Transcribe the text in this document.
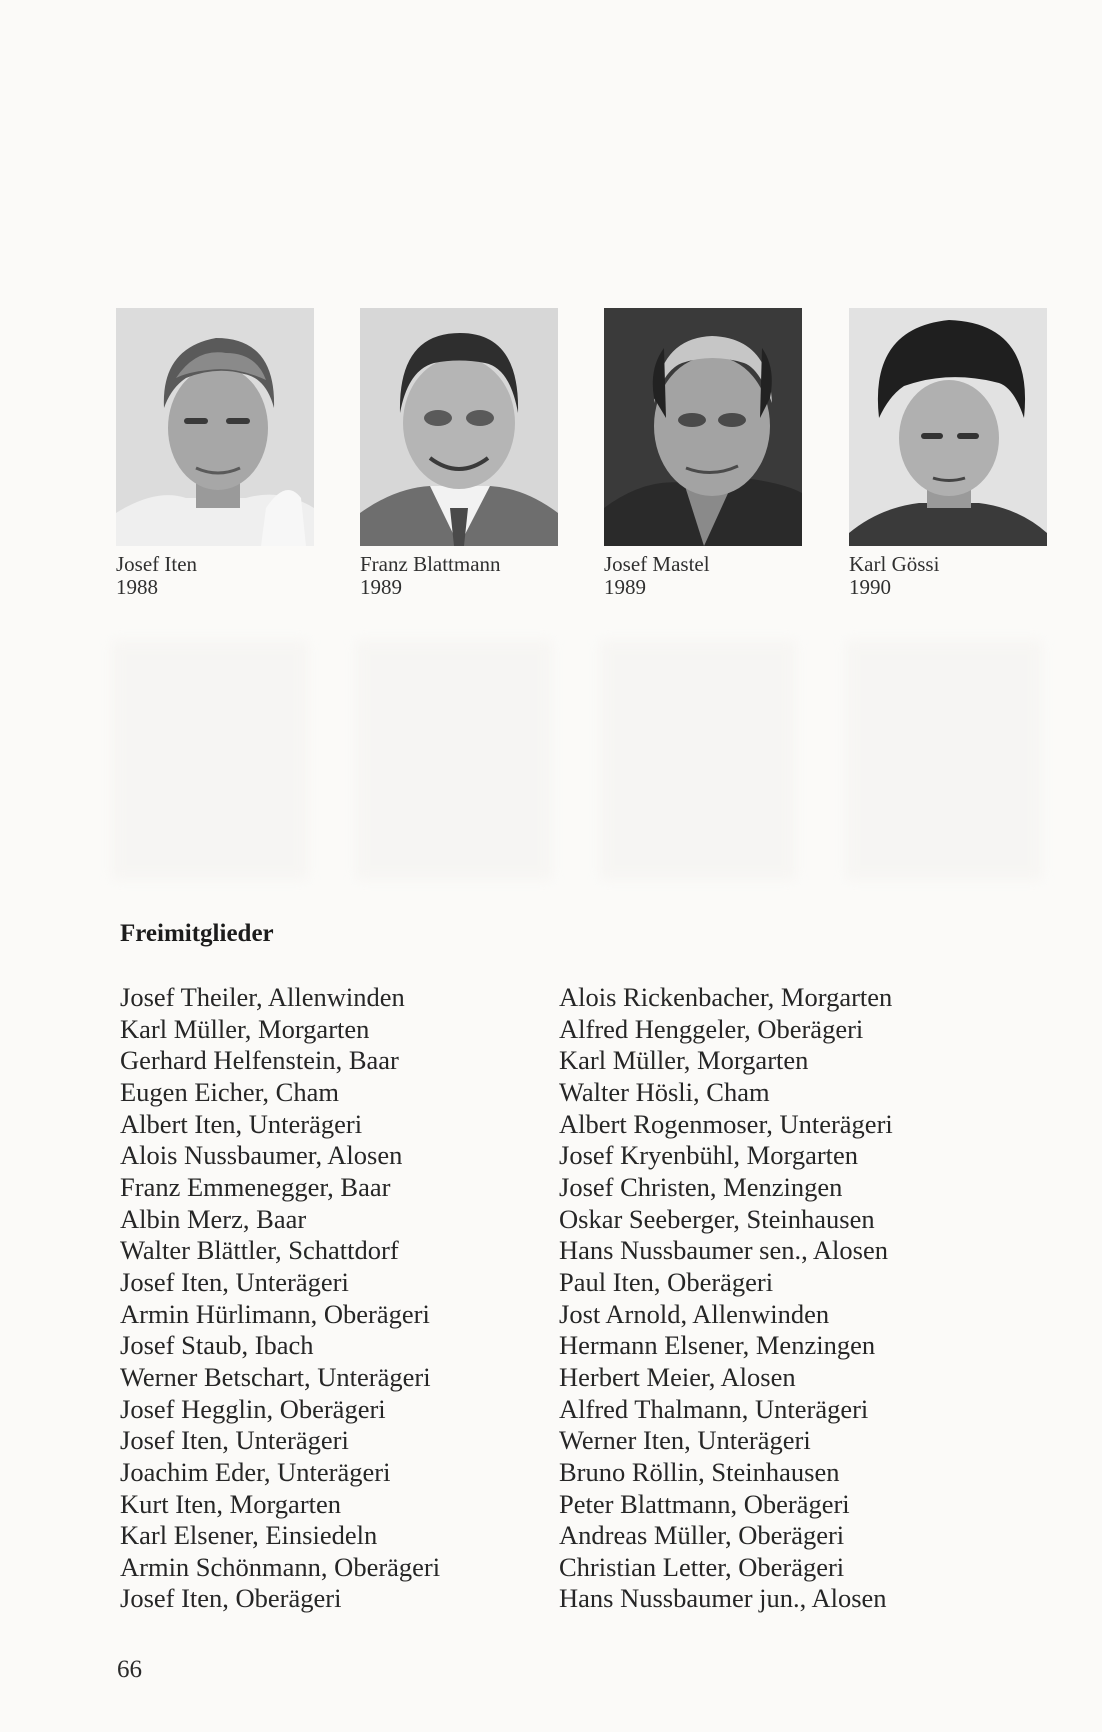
Josef Iten
1988
Franz Blattmann
1989
Josef Mastel
1989
Karl Gössi
1990
Freimitglieder
Josef Theiler, Allenwinden
Karl Müller, Morgarten
Gerhard Helfenstein, Baar
Eugen Eicher, Cham
Albert Iten, Unterägeri
Alois Nussbaumer, Alosen
Franz Emmenegger, Baar
Albin Merz, Baar
Walter Blättler, Schattdorf
Josef Iten, Unterägeri
Armin Hürlimann, Oberägeri
Josef Staub, Ibach
Werner Betschart, Unterägeri
Josef Hegglin, Oberägeri
Josef Iten, Unterägeri
Joachim Eder, Unterägeri
Kurt Iten, Morgarten
Karl Elsener, Einsiedeln
Armin Schönmann, Oberägeri
Josef Iten, Oberägeri
Alois Rickenbacher, Morgarten
Alfred Henggeler, Oberägeri
Karl Müller, Morgarten
Walter Hösli, Cham
Albert Rogenmoser, Unterägeri
Josef Kryenbühl, Morgarten
Josef Christen, Menzingen
Oskar Seeberger, Steinhausen
Hans Nussbaumer sen., Alosen
Paul Iten, Oberägeri
Jost Arnold, Allenwinden
Hermann Elsener, Menzingen
Herbert Meier, Alosen
Alfred Thalmann, Unterägeri
Werner Iten, Unterägeri
Bruno Röllin, Steinhausen
Peter Blattmann, Oberägeri
Andreas Müller, Oberägeri
Christian Letter, Oberägeri
Hans Nussbaumer jun., Alosen
66
